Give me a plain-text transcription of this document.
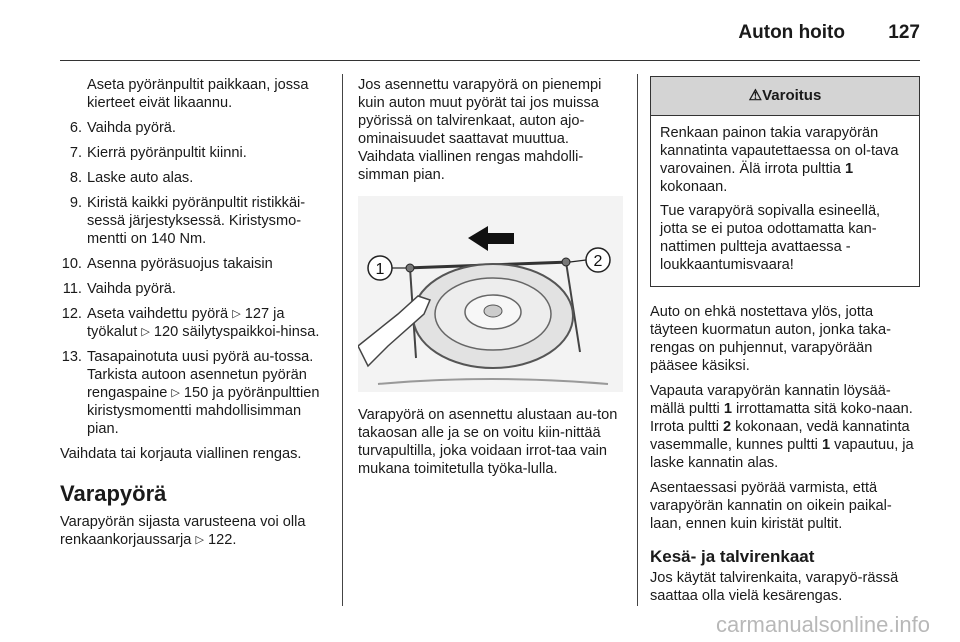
Auton hoito 127
Aseta pyöränpultit paikkaan, jossa kierteet eivät likaannu.
6. Vaihda pyörä.
7. Kierrä pyöränpultit kiinni.
8. Laske auto alas.
9. Kiristä kaikki pyöränpultit ristikkäi-sessä järjestyksessä. Kiristysmo-mentti on 140 Nm.
10. Asenna pyöräsuojus takaisin
11. Vaihda pyörä.
12. Aseta vaihdettu pyörä ▷ 127 ja työkalut ▷ 120 säilytyspaikkoi-hinsa.
13. Tasapainotuta uusi pyörä au-tossa. Tarkista autoon asennetun pyörän rengaspaine ▷ 150 ja pyöränpulttien kiristysmomentti mahdollisimman pian.
Vaihdata tai korjauta viallinen rengas.
Varapyörä
Varapyörän sijasta varusteena voi olla renkaankorjaussarja ▷ 122.
Jos asennettu varapyörä on pienempi kuin auton muut pyörät tai jos muissa pyörissä on talvirenkaat, auton ajo-ominaisuudet saattavat muuttua. Vaihdata viallinen rengas mahdolli-simman pian.
1	2
Varapyörä on asennettu alustaan au-ton takaosan alle ja se on voitu kiin-nittää turvapultilla, joka voidaan irrot-taa vain mukana toimitetulla työka-lulla.
⚠ Varoitus
Renkaan painon takia varapyörän kannatinta vapautettaessa on ol-tava varovainen. Älä irrota pulttia 1 kokonaan.
Tue varapyörä sopivalla esineellä, jotta se ei putoa odottamatta kan-nattimen pultteja avattaessa - loukkaantumisvaara!
Auto on ehkä nostettava ylös, jotta täyteen kuormatun auton, jonka taka-rengas on puhjennut, varapyörään pääsee käsiksi.
Vapauta varapyörän kannatin löysää-mällä pultti 1 irrottamatta sitä koko-naan. Irrota pultti 2 kokonaan, vedä kannatinta vasemmalle, kunnes pultti 1 vapautuu, ja laske kannatin alas.
Asentaessasi pyörää varmista, että varapyörän kannatin on oikein paikal-laan, ennen kuin kiristät pultit.
Kesä- ja talvirenkaat
Jos käytät talvirenkaita, varapyö-rässä saattaa olla vielä kesärengas.
carmanualsonline.info
